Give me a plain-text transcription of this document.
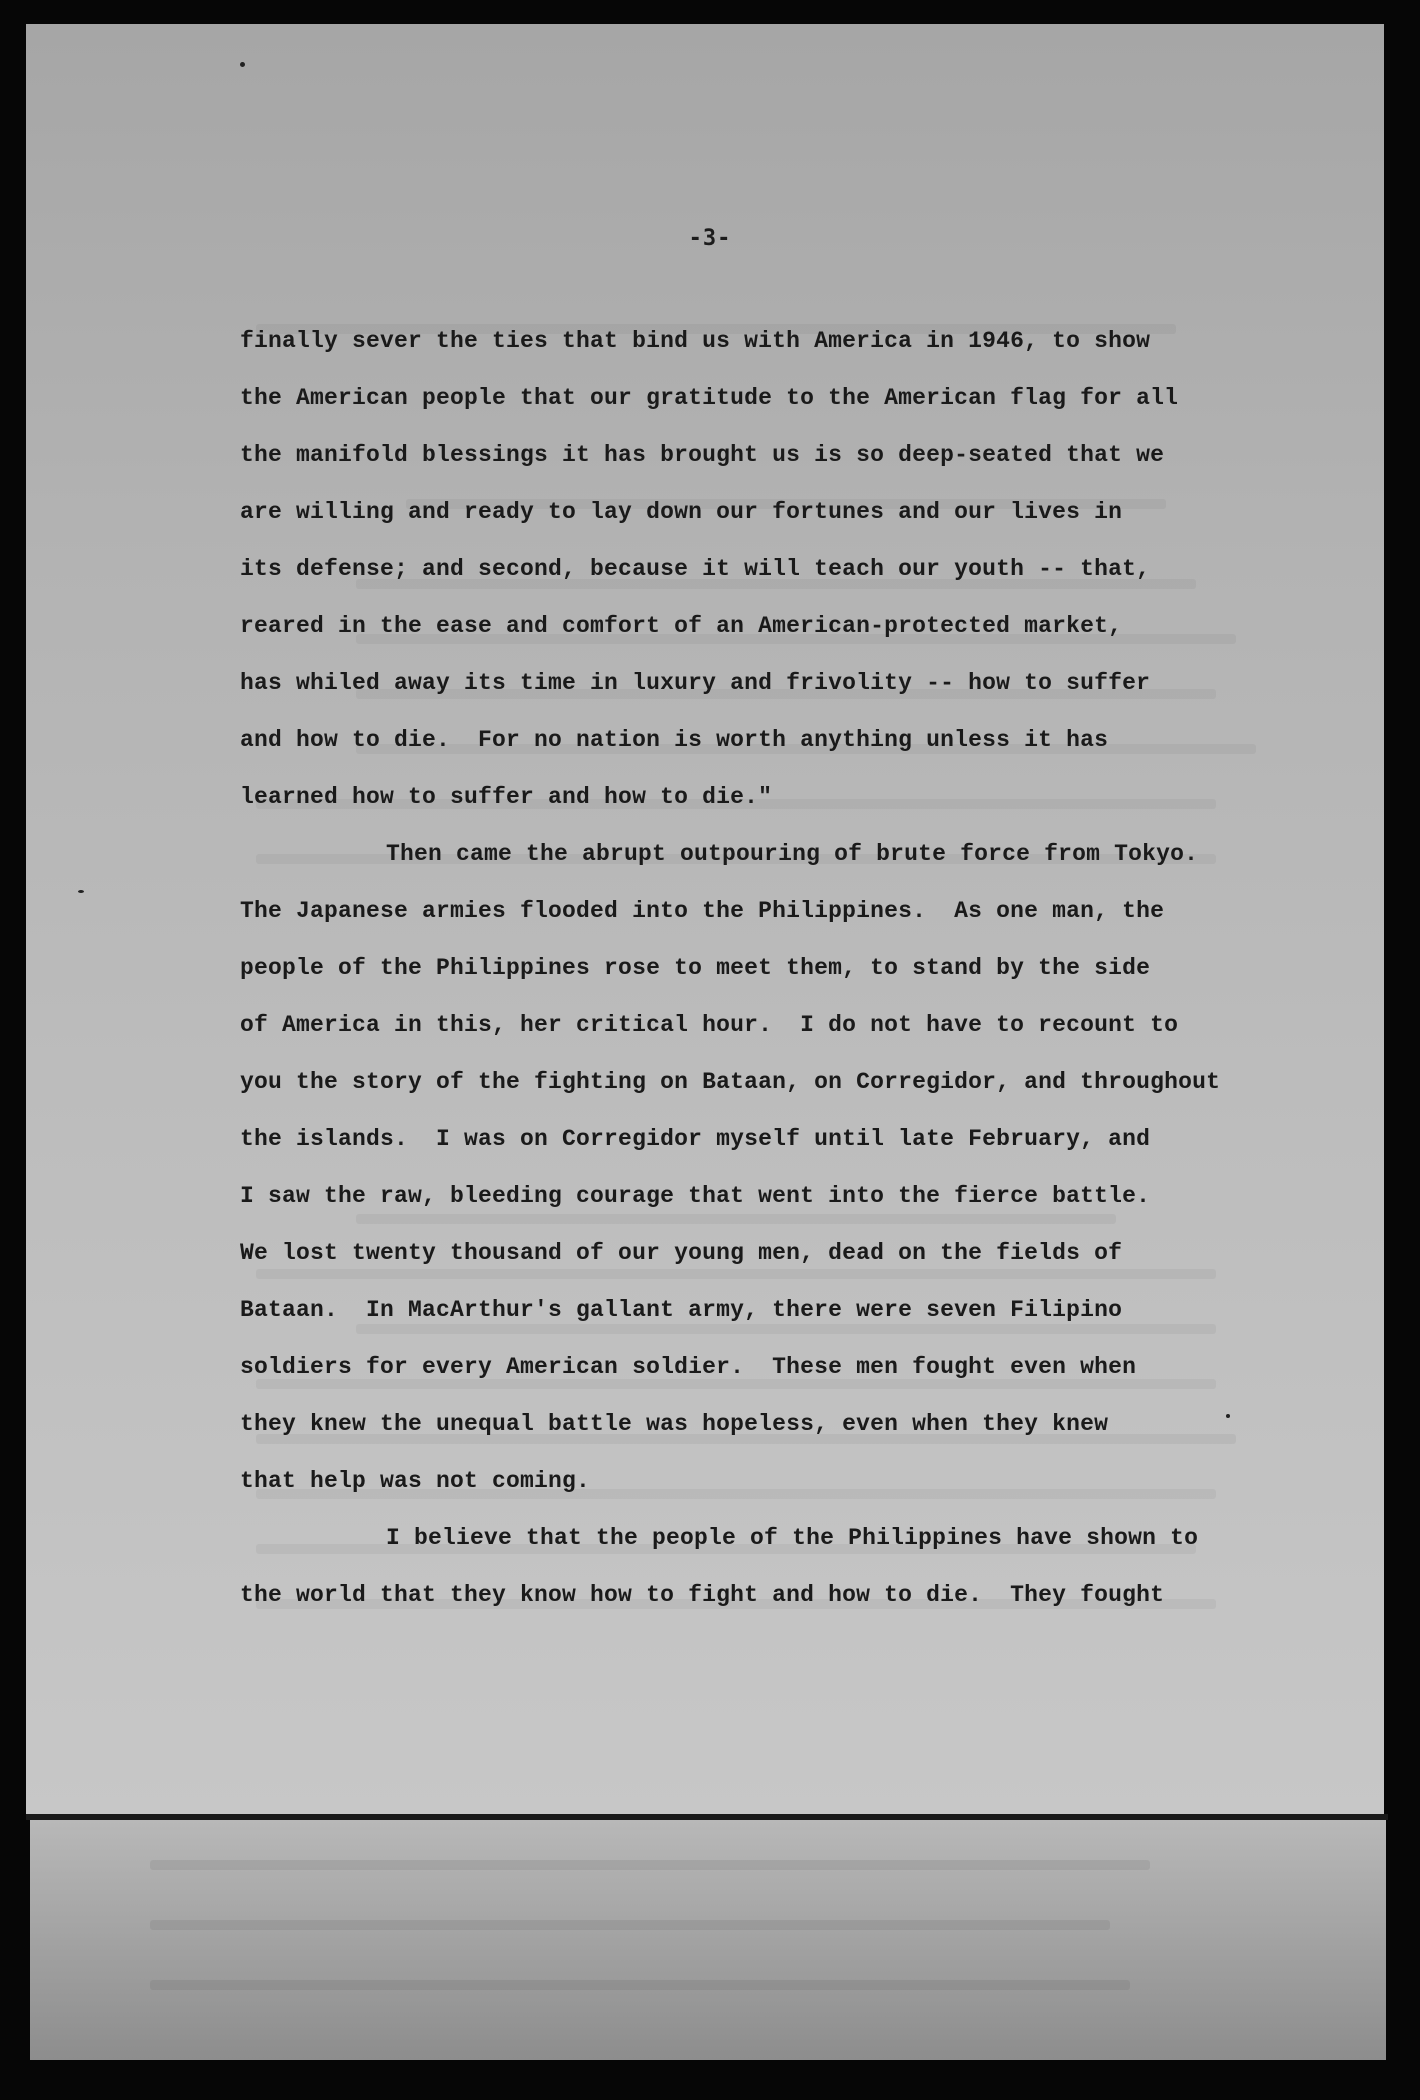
-3-
finally sever the ties that bind us with America in 1946, to show
the American people that our gratitude to the American flag for all
the manifold blessings it has brought us is so deep-seated that we
are willing and ready to lay down our fortunes and our lives in
its defense; and second, because it will teach our youth -- that,
reared in the ease and comfort of an American-protected market,
has whiled away its time in luxury and frivolity -- how to suffer
and how to die.  For no nation is worth anything unless it has
learned how to suffer and how to die."
Then came the abrupt outpouring of brute force from Tokyo.
The Japanese armies flooded into the Philippines.  As one man, the
people of the Philippines rose to meet them, to stand by the side
of America in this, her critical hour.  I do not have to recount to
you the story of the fighting on Bataan, on Corregidor, and throughout
the islands.  I was on Corregidor myself until late February, and
I saw the raw, bleeding courage that went into the fierce battle.
We lost twenty thousand of our young men, dead on the fields of
Bataan.  In MacArthur's gallant army, there were seven Filipino
soldiers for every American soldier.  These men fought even when
they knew the unequal battle was hopeless, even when they knew
that help was not coming.
I believe that the people of the Philippines have shown to
the world that they know how to fight and how to die.  They fought
